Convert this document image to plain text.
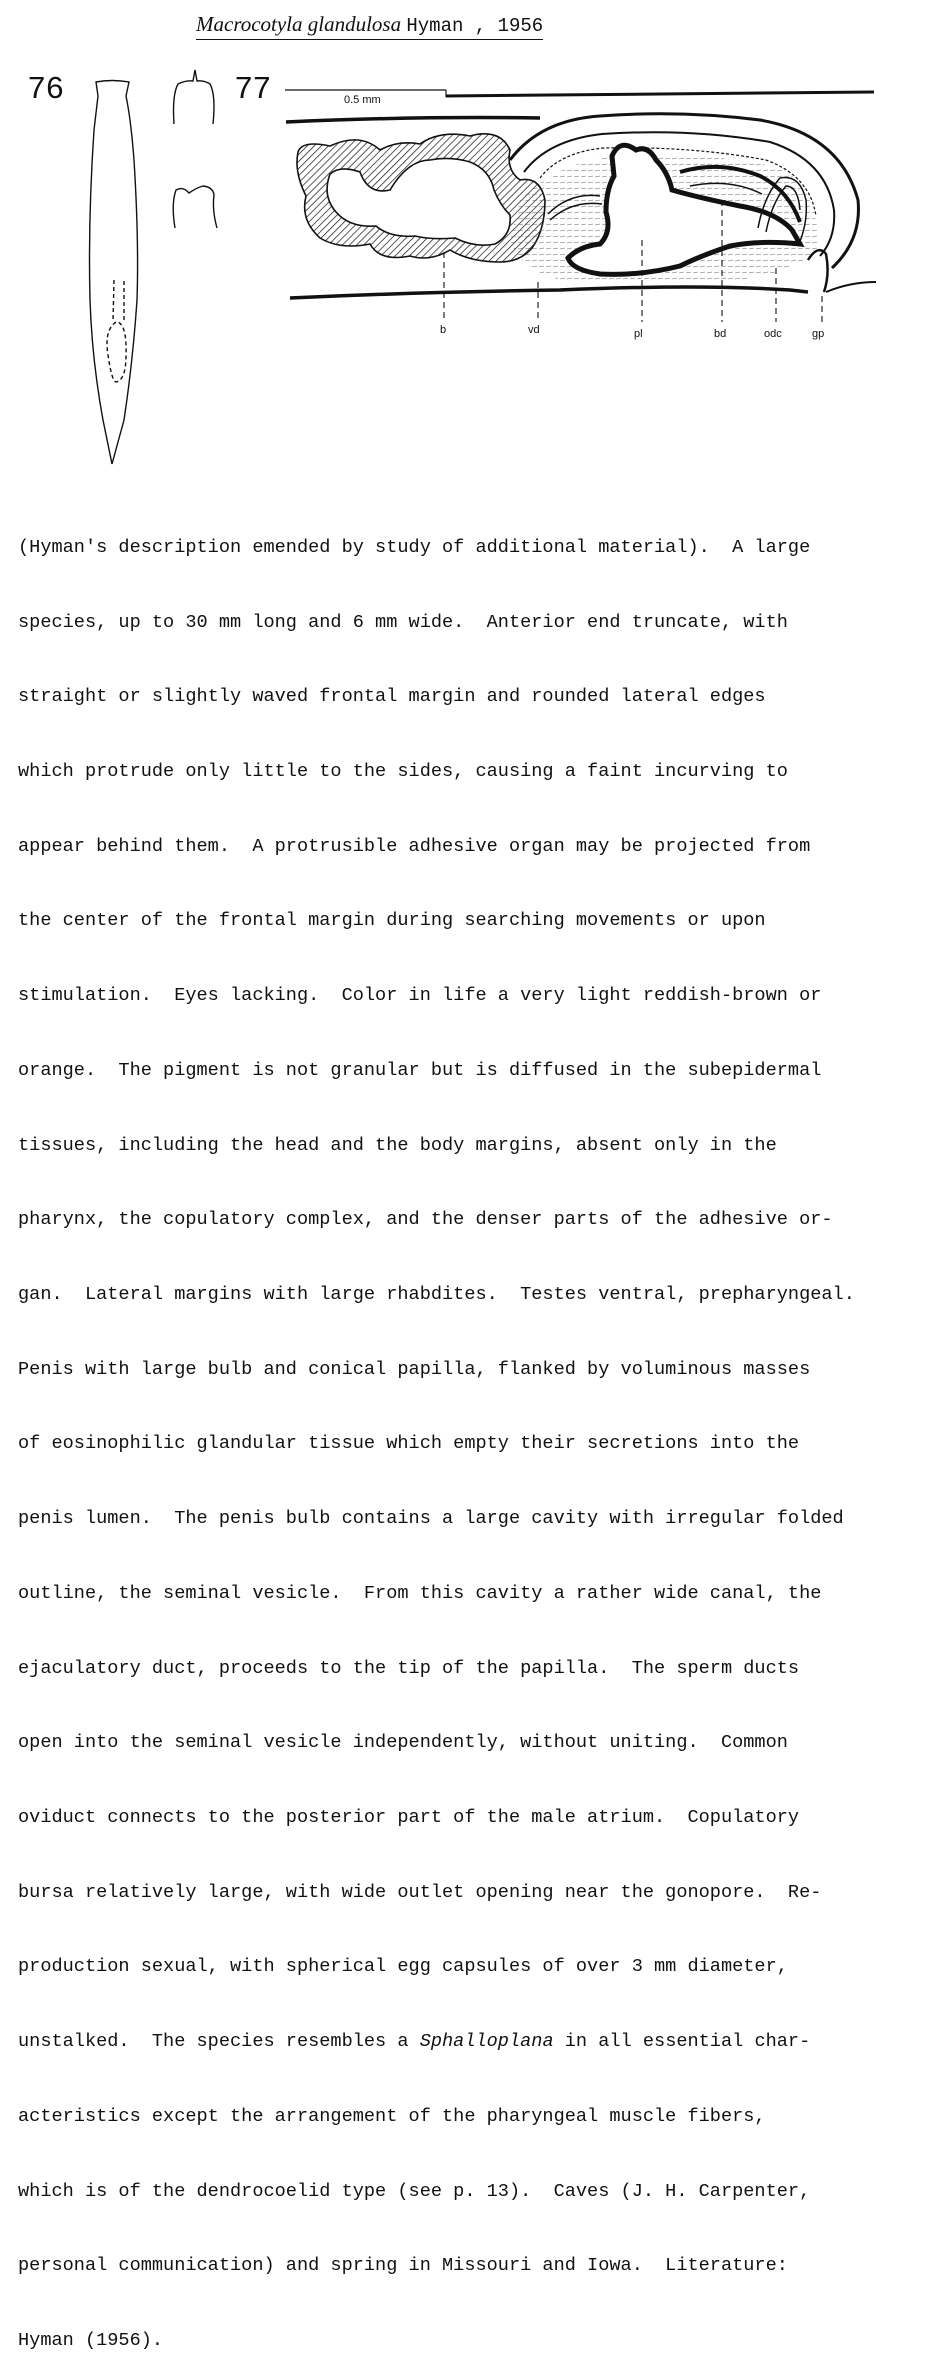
Macrocotyla glandulosa Hyman , 1956
76	77	0.5 mm
b	vd	pl	bd	odc	gp

(Hyman's description emended by study of additional material).  A large

species, up to 30 mm long and 6 mm wide.  Anterior end truncate, with

straight or slightly waved frontal margin and rounded lateral edges

which protrude only little to the sides, causing a faint incurving to

appear behind them.  A protrusible adhesive organ may be projected from

the center of the frontal margin during searching movements or upon

stimulation.  Eyes lacking.  Color in life a very light reddish-brown or

orange.  The pigment is not granular but is diffused in the subepidermal

tissues, including the head and the body margins, absent only in the

pharynx, the copulatory complex, and the denser parts of the adhesive or-

gan.  Lateral margins with large rhabdites.  Testes ventral, prepharyngeal.

Penis with large bulb and conical papilla, flanked by voluminous masses

of eosinophilic glandular tissue which empty their secretions into the

penis lumen.  The penis bulb contains a large cavity with irregular folded

outline, the seminal vesicle.  From this cavity a rather wide canal, the

ejaculatory duct, proceeds to the tip of the papilla.  The sperm ducts

open into the seminal vesicle independently, without uniting.  Common

oviduct connects to the posterior part of the male atrium.  Copulatory

bursa relatively large, with wide outlet opening near the gonopore.  Re-

production sexual, with spherical egg capsules of over 3 mm diameter,

unstalked.  The species resembles a Sphalloplana in all essential char-

acteristics except the arrangement of the pharyngeal muscle fibers,

which is of the dendrocoelid type (see p. 13).  Caves (J. H. Carpenter,

personal communication) and spring in Missouri and Iowa.  Literature:

Hyman (1956).
